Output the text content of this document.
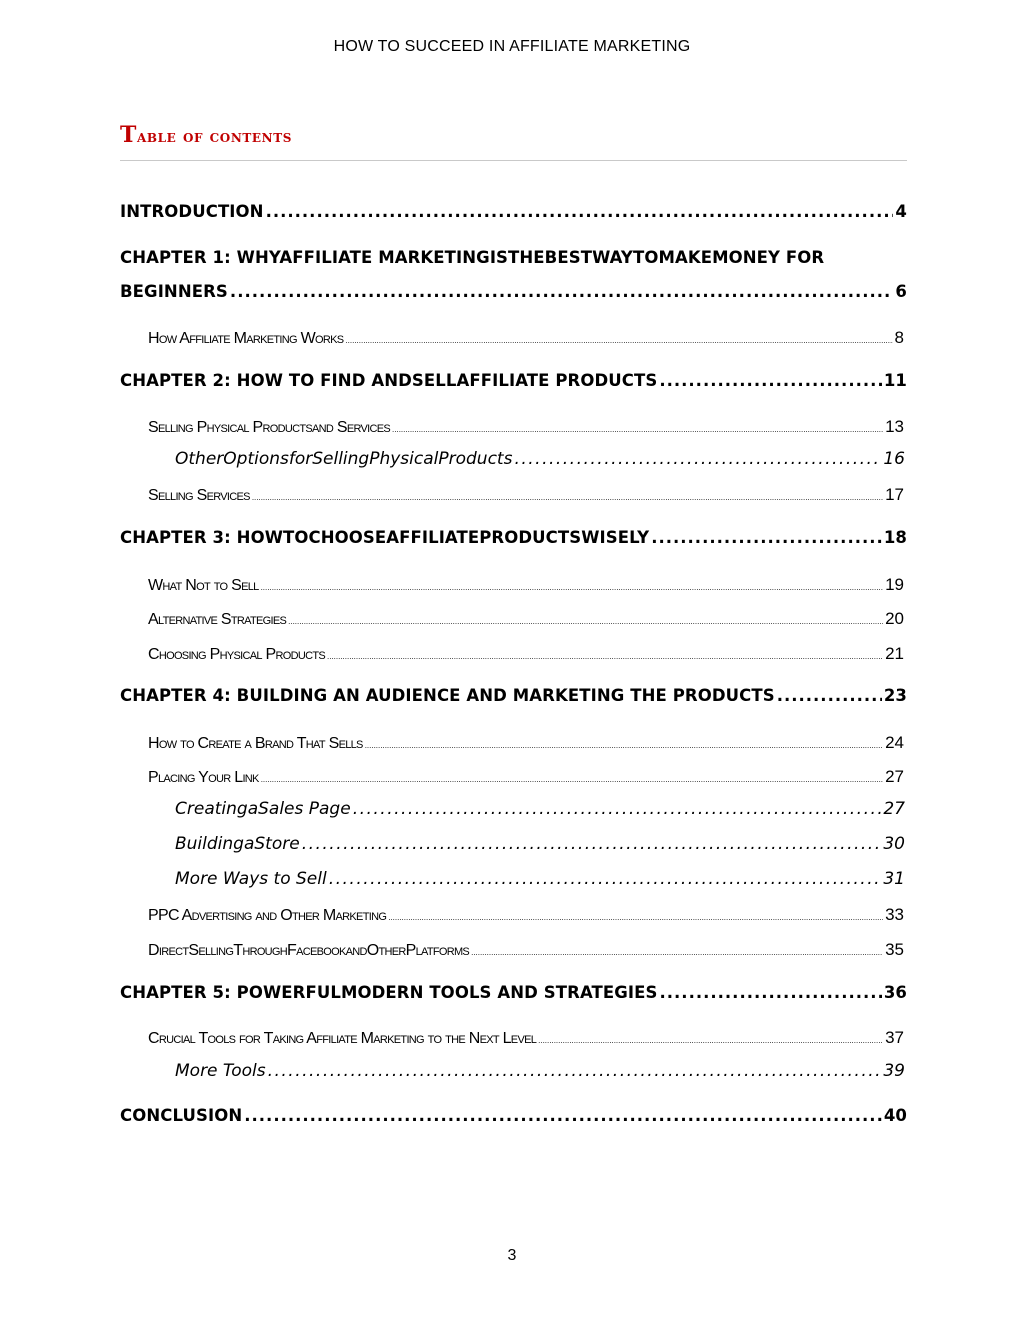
HOW TO SUCCEED IN AFFILIATE MARKETING
Table of contents
INTRODUCTION .....	4
CHAPTER 1: WHYAFFILIATE MARKETINGISTHEBESTWAYTOMAKEMONEY FOR
BEGINNERS .....	6
How Affiliate Marketing Works .....	8
CHAPTER 2: HOW TO FIND ANDSELLAFFILIATE PRODUCTS .....	11
Selling Physical Productsand Services .....	13
OtherOptionsforSellingPhysicalProducts .....	16
Selling Services .....	17
CHAPTER 3: HOWTOCHOOSEAFFILIATEPRODUCTSWISELY .....	18
What Not to Sell .....	19
Alternative Strategies .....	20
Choosing Physical Products .....	21
CHAPTER 4: BUILDING AN AUDIENCE AND MARKETING THE PRODUCTS .....	23
How to Create a Brand That Sells .....	24
Placing Your Link .....	27
CreatingaSales Page .....	27
BuildingaStore .....	30
More Ways to Sell .....	31
PPC Advertising and Other Marketing .....	33
DirectSellingThroughFacebookandOtherPlatforms .....	35
CHAPTER 5: POWERFULMODERN TOOLS AND STRATEGIES .....	36
Crucial Tools for Taking Affiliate Marketing to the Next Level .....	37
More Tools .....	39
CONCLUSION .....	40
3
